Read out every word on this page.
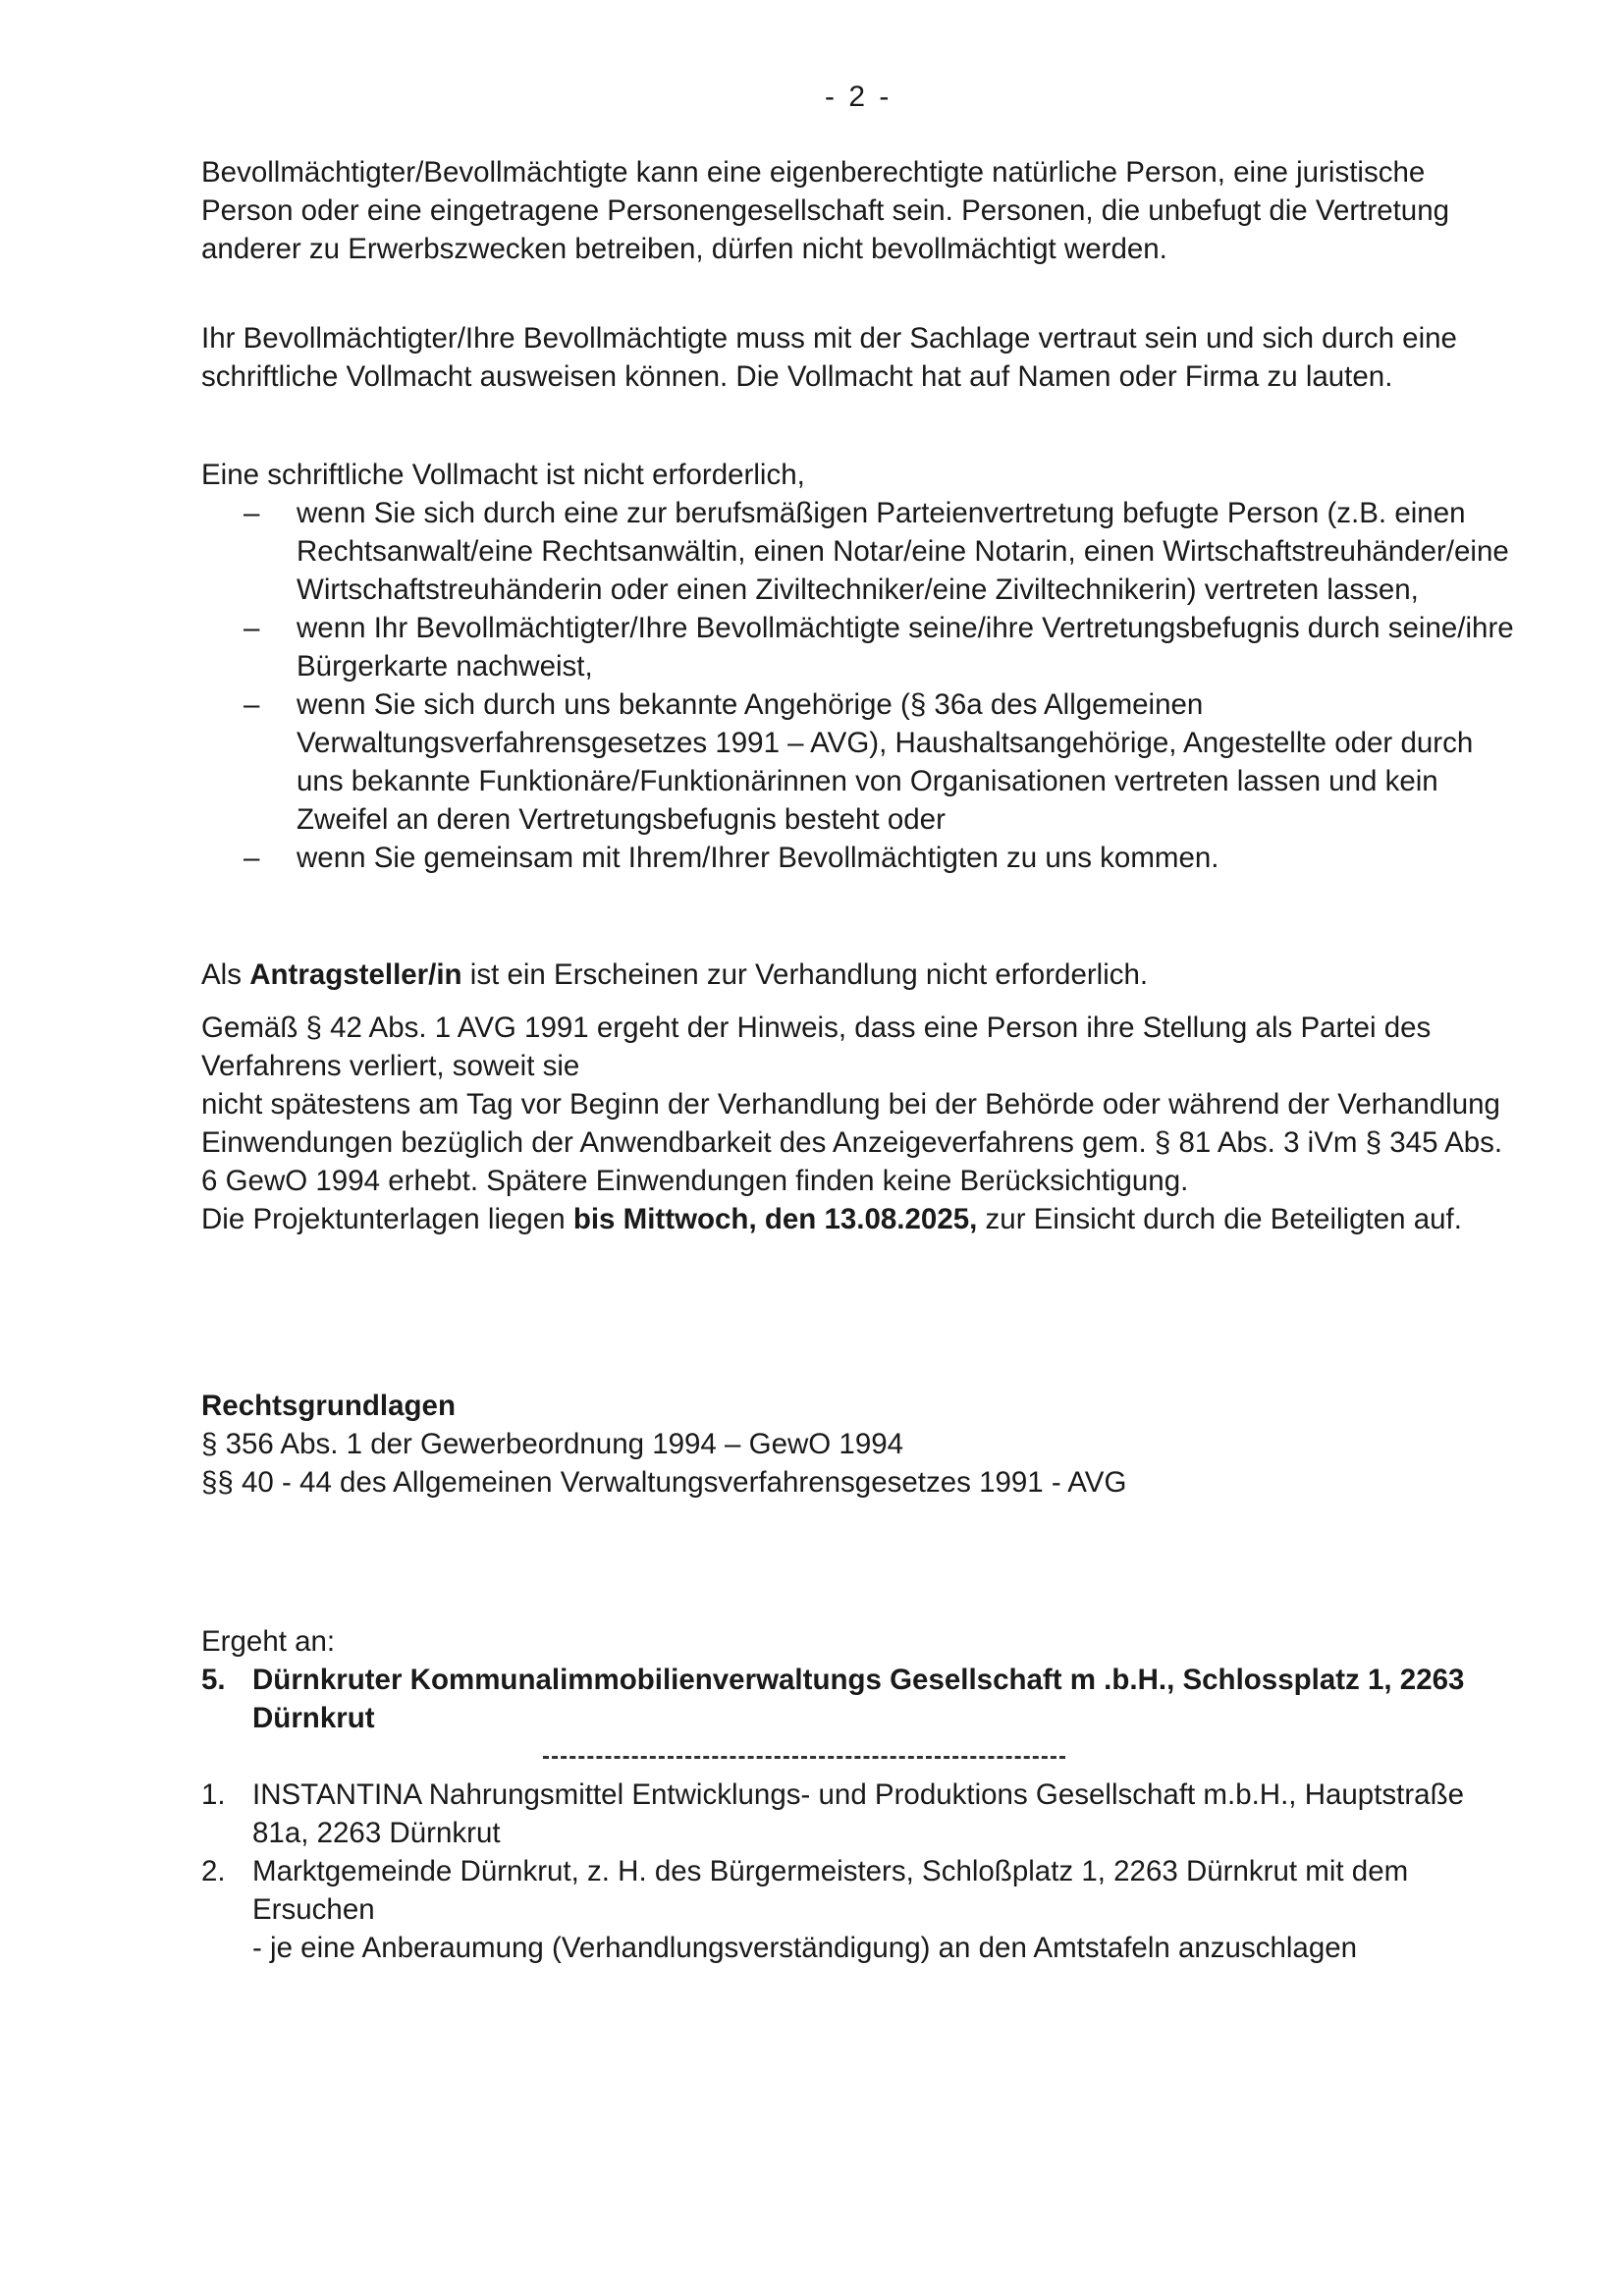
- 2 -

Bevollmächtigter/Bevollmächtigte kann eine eigenberechtigte natürliche Person, eine juristische Person oder eine eingetragene Personengesellschaft sein. Personen, die unbefugt die Vertretung anderer zu Erwerbszwecken betreiben, dürfen nicht bevollmächtigt werden.

Ihr Bevollmächtigter/Ihre Bevollmächtigte muss mit der Sachlage vertraut sein und sich durch eine schriftliche Vollmacht ausweisen können. Die Vollmacht hat auf Namen oder Firma zu lauten.

Eine schriftliche Vollmacht ist nicht erforderlich,

– wenn Sie sich durch eine zur berufsmäßigen Parteienvertretung befugte Person (z.B. einen Rechtsanwalt/eine Rechtsanwältin, einen Notar/eine Notarin, einen Wirtschaftstreuhänder/eine Wirtschaftstreuhänderin oder einen Ziviltechniker/eine Ziviltechnikerin) vertreten lassen,
– wenn Ihr Bevollmächtigter/Ihre Bevollmächtigte seine/ihre Vertretungsbefugnis durch seine/ihre Bürgerkarte nachweist,
– wenn Sie sich durch uns bekannte Angehörige (§ 36a des Allgemeinen Verwaltungsverfahrensgesetzes 1991 – AVG), Haushaltsangehörige, Angestellte oder durch uns bekannte Funktionäre/Funktionärinnen von Organisationen vertreten lassen und kein Zweifel an deren Vertretungsbefugnis besteht oder
– wenn Sie gemeinsam mit Ihrem/Ihrer Bevollmächtigten zu uns kommen.

Als Antragsteller/in ist ein Erscheinen zur Verhandlung nicht erforderlich.

Gemäß § 42 Abs. 1 AVG 1991 ergeht der Hinweis, dass eine Person ihre Stellung als Partei des Verfahrens verliert, soweit sie

nicht spätestens am Tag vor Beginn der Verhandlung bei der Behörde oder während der Verhandlung Einwendungen bezüglich der Anwendbarkeit des Anzeigeverfahrens gem. § 81 Abs. 3 iVm § 345 Abs. 6 GewO 1994 erhebt. Spätere Einwendungen finden keine Berücksichtigung.

Die Projektunterlagen liegen bis Mittwoch, den 13.08.2025, zur Einsicht durch die Beteiligten auf.

Rechtsgrundlagen

§ 356 Abs. 1 der Gewerbeordnung 1994 – GewO 1994

§§ 40 - 44 des Allgemeinen Verwaltungsverfahrensgesetzes 1991 - AVG

Ergeht an:

5. Dürnkruter Kommunalimmobilienverwaltungs Gesellschaft m .b.H., Schlossplatz 1, 2263 Dürnkrut
1. INSTANTINA Nahrungsmittel Entwicklungs- und Produktions Gesellschaft m.b.H., Hauptstraße 81a, 2263 Dürnkrut
2. Marktgemeinde Dürnkrut, z. H. des Bürgermeisters, Schloßplatz 1, 2263 Dürnkrut mit dem Ersuchen
- je eine Anberaumung (Verhandlungsverständigung) an den Amtstafeln anzuschlagen
